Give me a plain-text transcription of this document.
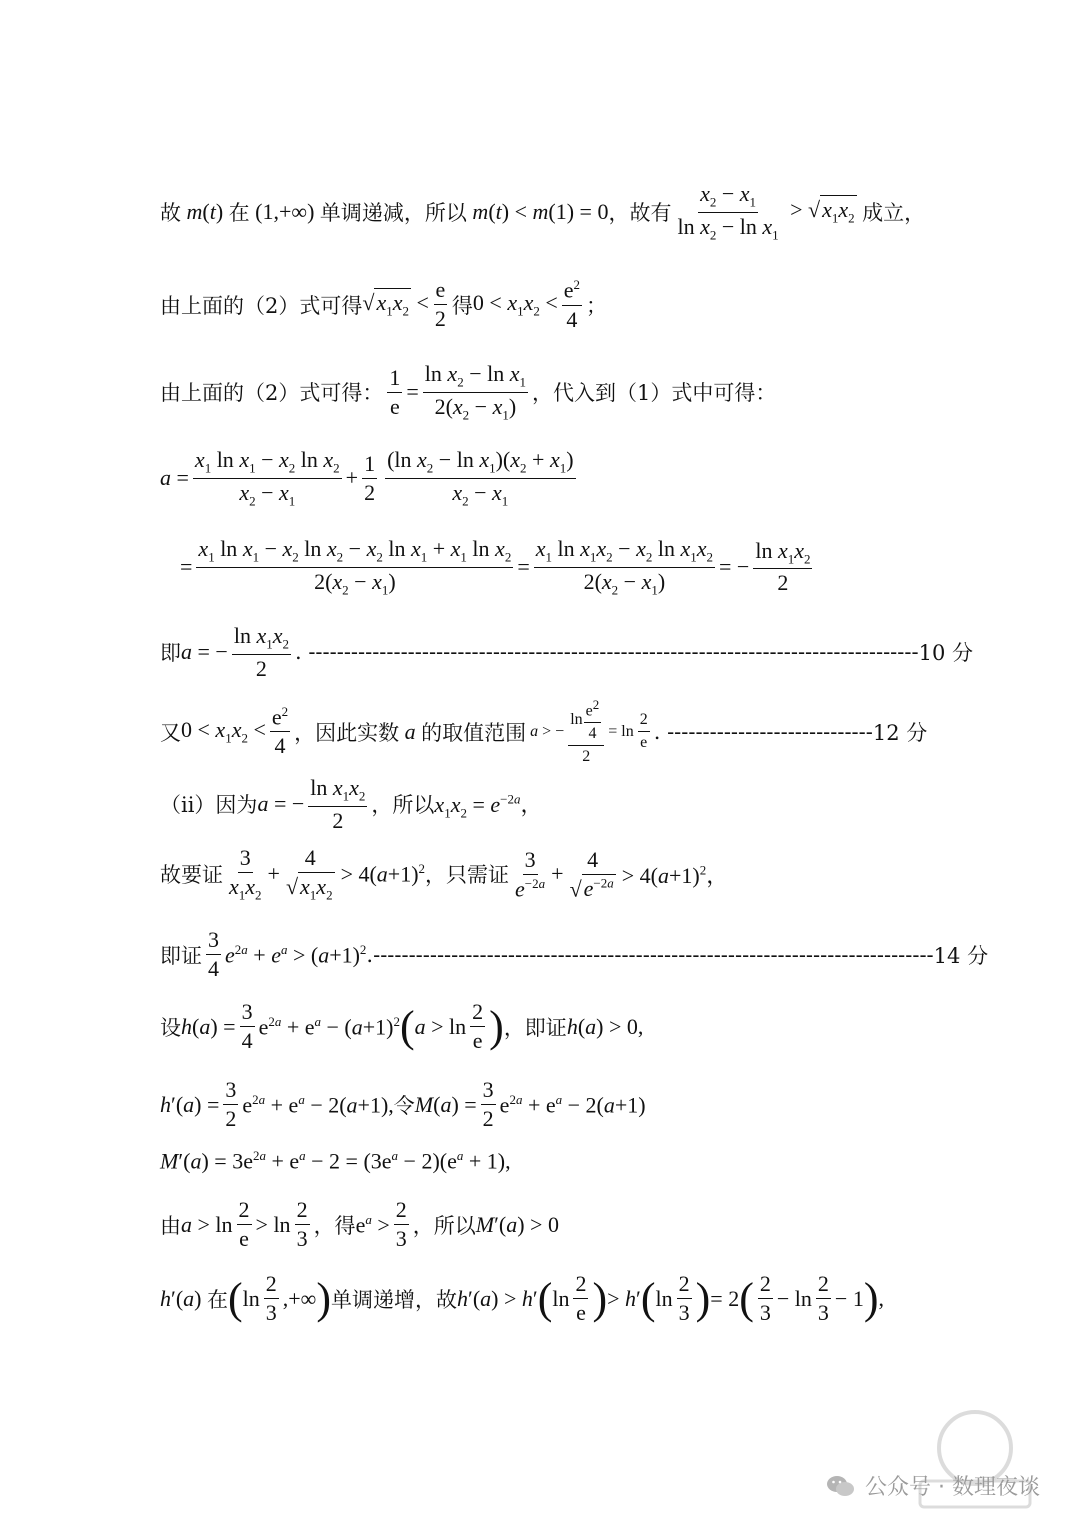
故 m(t) 在 (1,+∞) 单调递减，所以 m(t) < m(1) = 0 ，故有 $\frac{x_2 - x_1}{\ln x_2 - \ln x_1} > √x_1x_2$ 成立，
由上面的（2）式可得 $√x_1x_2 < \frac{e}{2}$ 得 $0 < x_1x_2 < \frac{e^2}{4}$ ；
由上面的（2）式可得： $\frac{1}{e} = \frac{\ln x_2 - \ln x_1}{2(x_2 - x_1)}$ ，代入到（1）式中可得：
$a = \frac{x_1 \ln x_1 - x_2 \ln x_2}{x_2 - x_1} + \frac{1}{2} \frac{(\ln x_2 - \ln x_1)(x_2 + x_1)}{x_2 - x_1}$
= $\frac{x_1 \ln x_1 - x_2 \ln x_2 - x_2 \ln x_1 + x_1 \ln x_2}{2(x_2 - x_1)} = \frac{x_1 \ln x_1x_2 - x_2 \ln x_1x_2}{2(x_2 - x_1)}$ = − $\frac{\ln x_1x_2}{2}$
即 a = − $\frac{\ln x_1x_2}{2}$ . -------------------------------------------------------------------------------------- 10 分
又 $0 < x_1x_2 < \frac{e^2}{4}$ ，因此实数 a 的取值范围 a > − $\frac{\ln \frac{e^2}{4}}{2} = \ln \frac{2}{e}$ . ----------------------------- 12 分
（ii）因为 a = − $\frac{\ln x_1x_2}{2}$ ，所以 $x_1x_2 = e^{-2a}$，
故要证 $\frac{3}{x_1x_2} + \frac{4}{√x_1x_2} > 4(a+1)^2$ ，只需证 $\frac{3}{e^{-2a}} + \frac{4}{√e^{-2a}} > 4(a+1)^2$，
即证 $\frac{3}{4} e^{2a} + e^a > (a+1)^2$ .------------------------------------------------------------------------------- 14 分
设 $h(a) = \frac{3}{4} e^{2a} + e^a - (a+1)^2$ ( $a > \ln \frac{2}{e}$ ) ，即证 h(a) > 0,
$h'(a) = \frac{3}{2} e^{2a} + e^a - 2(a+1)$, 令 $M(a) = \frac{3}{2} e^{2a} + e^a - 2(a+1)$
$M'(a) = 3e^{2a} + e^a - 2 = (3e^a - 2)(e^a + 1)$,
由 $a > \ln \frac{2}{e} > \ln \frac{2}{3}$ ，得 $e^a > \frac{2}{3}$ ，所以 M′(a) > 0
h′(a) 在 ( $\ln \frac{2}{3}$ ,+∞ ) 单调递增，故 h′(a) > h′ ( $\ln \frac{2}{e}$ ) > h′ ( $\ln \frac{2}{3}$ ) = 2 ( $\frac{2}{3} - \ln \frac{2}{3} - 1$ ) ,
公众号 · 数理夜谈
